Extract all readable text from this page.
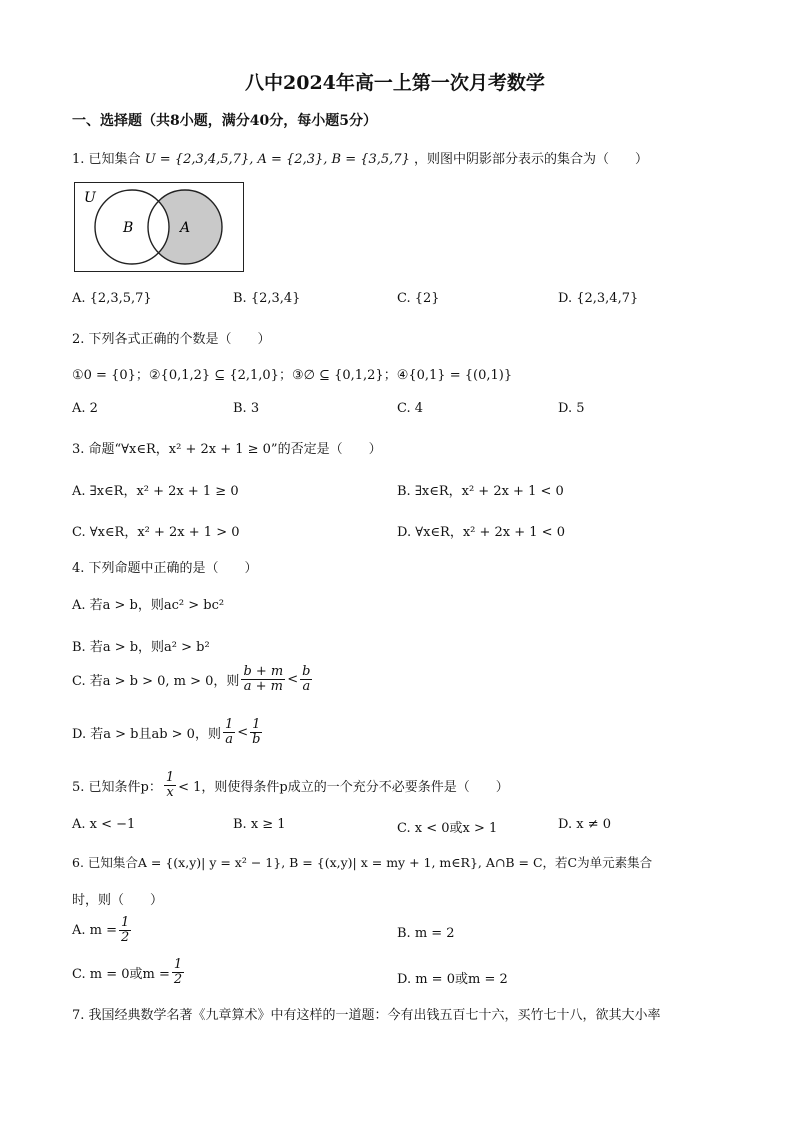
八中2024年高一上第一次月考数学
一、选择题（共8小题，满分40分，每小题5分）
1. 已知集合 U = {2,3,4,5,7}, A = {2,3}, B = {3,5,7} ，则图中阴影部分表示的集合为（　　）
U
B	A
A. {2,3,5,7}	B. {2,3,4}	C. {2}	D. {2,3,4,7}
2. 下列各式正确的个数是（　　）
①0 = {0}；②{0,1,2} ⊆ {2,1,0}；③∅ ⊆ {0,1,2}；④{0,1} = {(0,1)}
A. 2	B. 3	C. 4	D. 5
3. 命题“∀x∈R，x² + 2x + 1 ≥ 0”的否定是（　　）
A. ∃x∈R，x² + 2x + 1 ≥ 0	B. ∃x∈R，x² + 2x + 1 < 0
C. ∀x∈R，x² + 2x + 1 > 0	D. ∀x∈R，x² + 2x + 1 < 0
4. 下列命题中正确的是（　　）
A. 若a > b，则ac² > bc²
B. 若a > b，则a² > b²
C. 若a > b > 0, m > 0，则 $\frac{b + m}{a + m} < \frac{b}{a}$
D. 若a > b且ab > 0，则 $\frac{1}{a} < \frac{1}{b}$
5. 已知条件p： $\frac{1}{x} < 1$，则使得条件p成立的一个充分不必要条件是（　　）
A. x < −1	B. x ≥ 1	C. x < 0或x > 1	D. x ≠ 0
6. 已知集合A = {(x,y)| y = x² − 1}, B = {(x,y)| x = my + 1, m∈R}, A∩B = C，若C为单元素集合
时，则（　　）
A. $m = \frac{1}{2}$	B. m = 2
C. m = 0或$m = \frac{1}{2}$	D. m = 0或m = 2
7. 我国经典数学名著《九章算术》中有这样的一道题：今有出钱五百七十六，买竹七十八，欲其大小率
